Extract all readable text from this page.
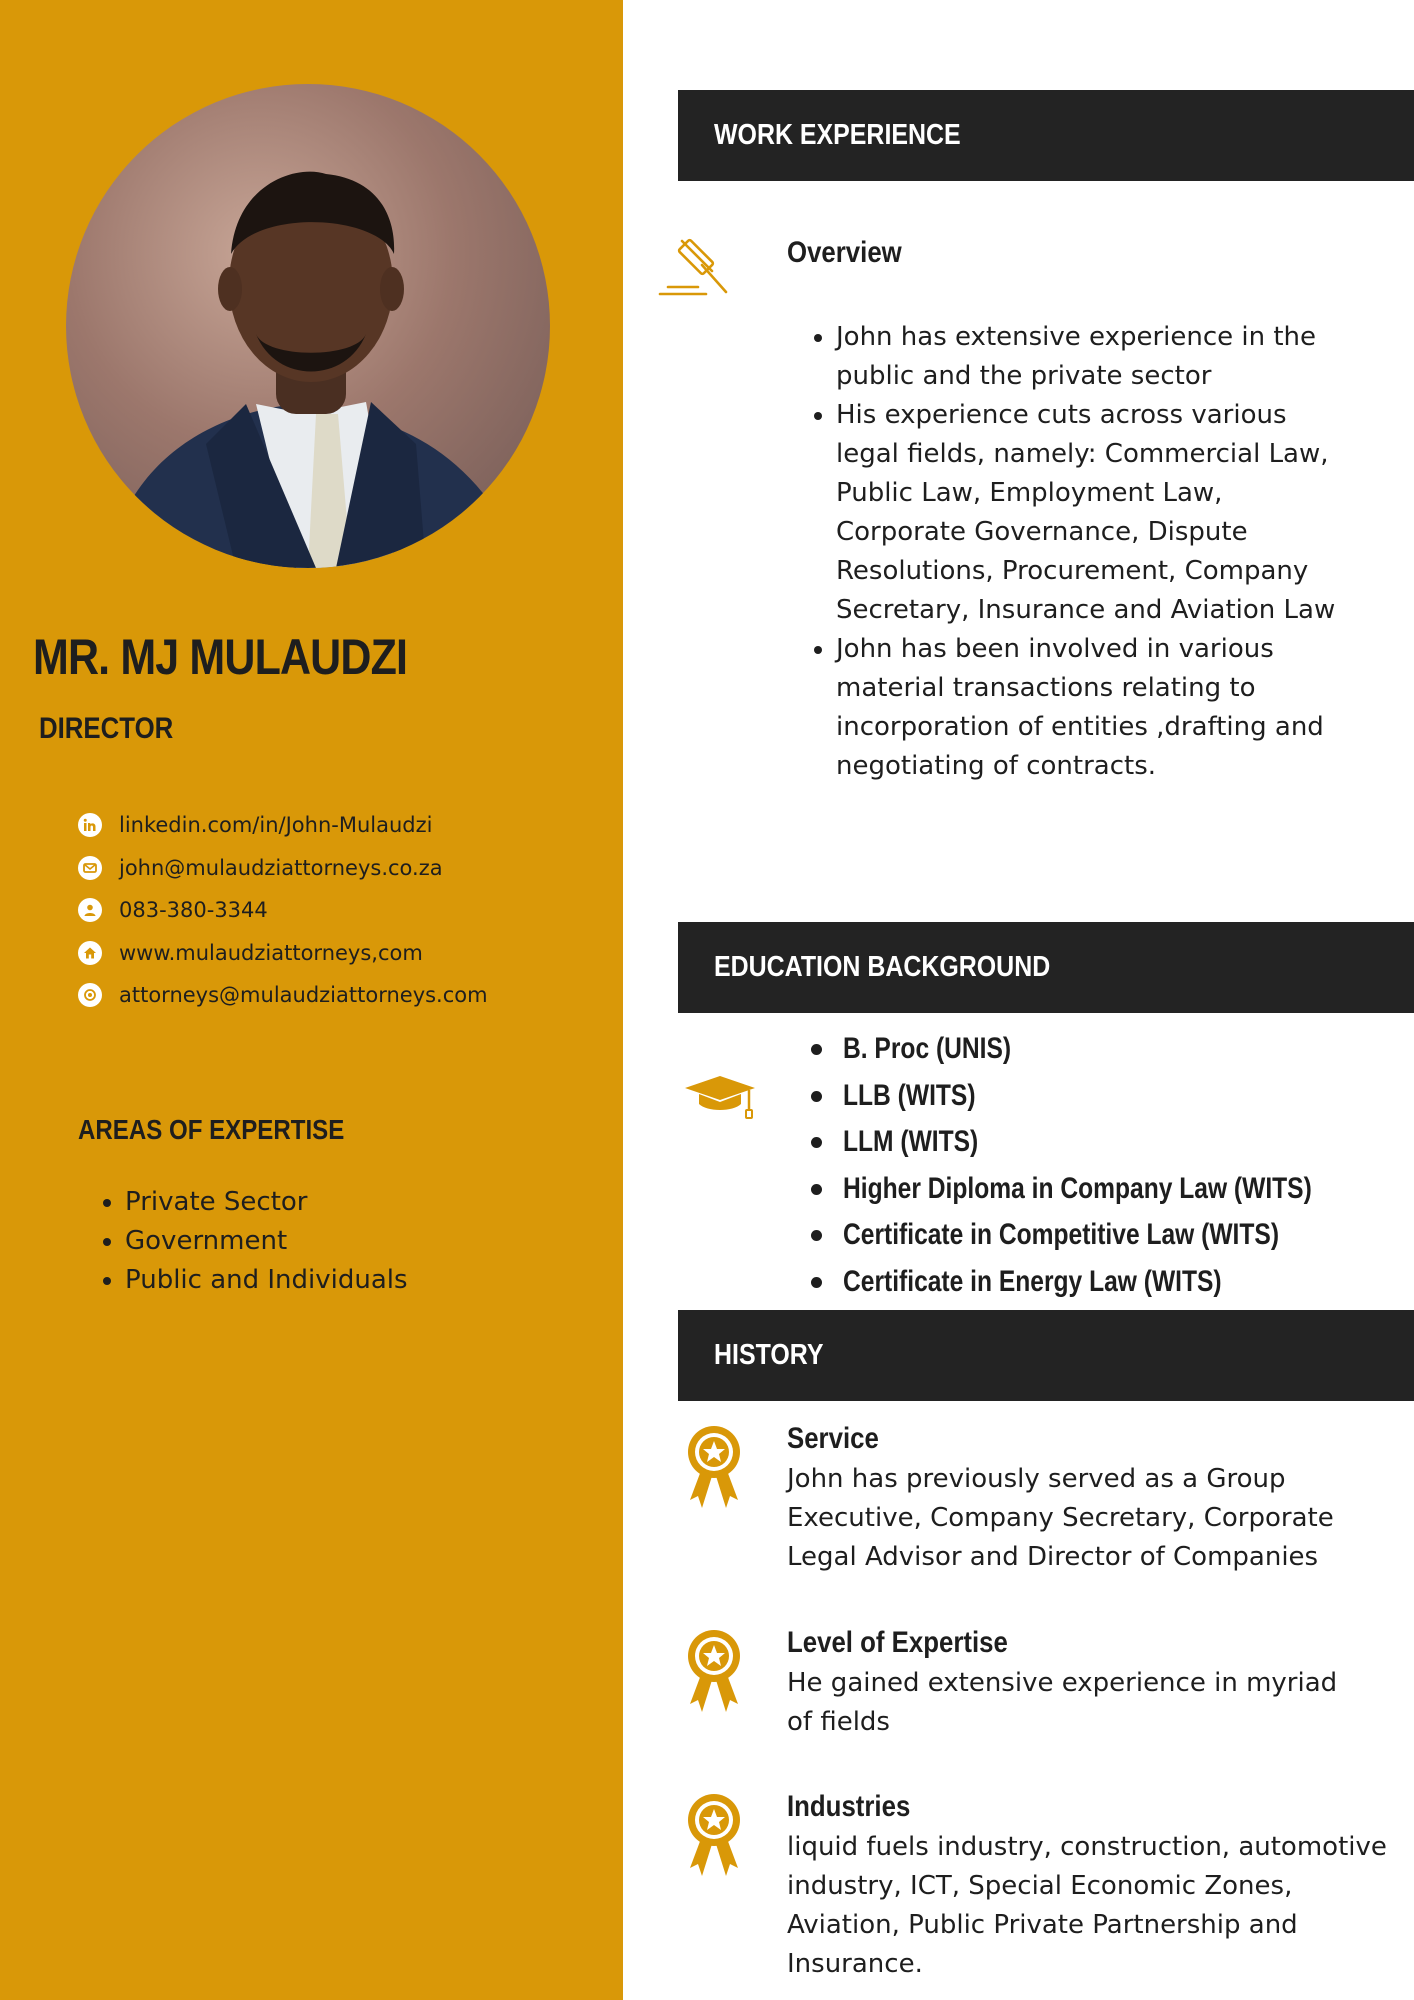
MR. MJ MULAUDZI
DIRECTOR
linkedin.com/in/John-Mulaudzi
john@mulaudziattorneys.co.za
083-380-3344
www.mulaudziattorneys,com
attorneys@mulaudziattorneys.com
AREAS OF EXPERTISE
• Private Sector
• Government
• Public and Individuals
WORK EXPERIENCE
Overview
• John has extensive experience in the public and the private sector
• His experience cuts across various legal fields, namely: Commercial Law, Public Law, Employment Law, Corporate Governance, Dispute Resolutions, Procurement, Company Secretary, Insurance and Aviation Law
• John has been involved in various material transactions relating to incorporation of entities ,drafting and negotiating of contracts.
EDUCATION BACKGROUND
B. Proc (UNIS)
LLB (WITS)
LLM (WITS)
Higher Diploma in Company Law (WITS)
Certificate in Competitive Law (WITS)
Certificate in Energy Law (WITS)
HISTORY
Service

John has previously served as a Group Executive, Company Secretary, Corporate Legal Advisor and Director of Companies

Level of Expertise

He gained extensive experience in myriad of fields

Industries

liquid fuels industry, construction, automotive industry, ICT, Special Economic Zones, Aviation, Public Private Partnership and Insurance.
